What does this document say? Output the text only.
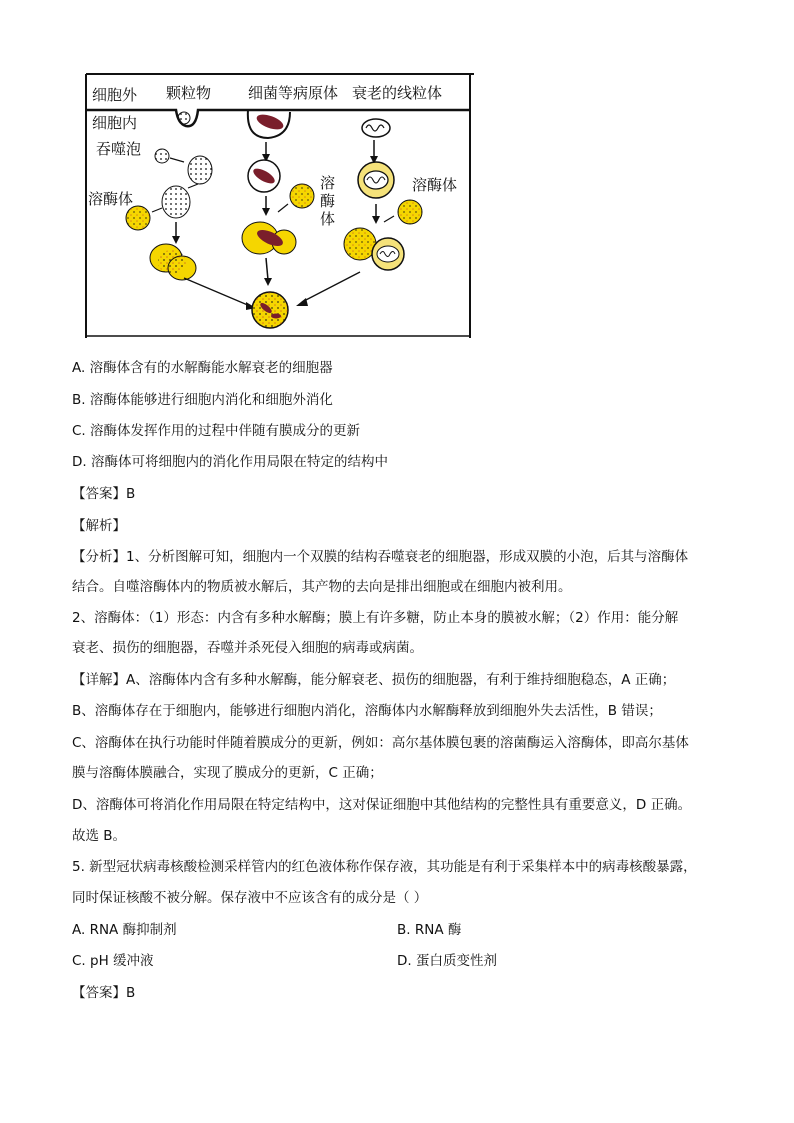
细胞外 颗粒物 细菌等病原体 衰老的线粒体
细胞内
吞噬泡
溶酶体
溶
酶
体
溶酶体
A. 溶酶体含有的水解酶能水解衰老的细胞器
B. 溶酶体能够进行细胞内消化和细胞外消化
C. 溶酶体发挥作用的过程中伴随有膜成分的更新
D. 溶酶体可将细胞内的消化作用局限在特定的结构中
【答案】B
【解析】
【分析】1、分析图解可知，细胞内一个双膜的结构吞噬衰老的细胞器，形成双膜的小泡，后其与溶酶体
结合。自噬溶酶体内的物质被水解后，其产物的去向是排出细胞或在细胞内被利用。
2、溶酶体：（1）形态：内含有多种水解酶；膜上有许多糖，防止本身的膜被水解；（2）作用：能分解
衰老、损伤的细胞器，吞噬并杀死侵入细胞的病毒或病菌。
【详解】A、溶酶体内含有多种水解酶，能分解衰老、损伤的细胞器，有利于维持细胞稳态，A 正确；
B、溶酶体存在于细胞内，能够进行细胞内消化，溶酶体内水解酶释放到细胞外失去活性，B 错误；
C、溶酶体在执行功能时伴随着膜成分的更新，例如：高尔基体膜包裹的溶菌酶运入溶酶体，即高尔基体
膜与溶酶体膜融合，实现了膜成分的更新，C 正确；
D、溶酶体可将消化作用局限在特定结构中，这对保证细胞中其他结构的完整性具有重要意义，D 正确。
故选 B。
5. 新型冠状病毒核酸检测采样管内的红色液体称作保存液，其功能是有利于采集样本中的病毒核酸暴露，
同时保证核酸不被分解。保存液中不应该含有的成分是（ ）
A. RNA 酶抑制剂	B. RNA 酶
C. pH 缓冲液	D. 蛋白质变性剂
【答案】B
